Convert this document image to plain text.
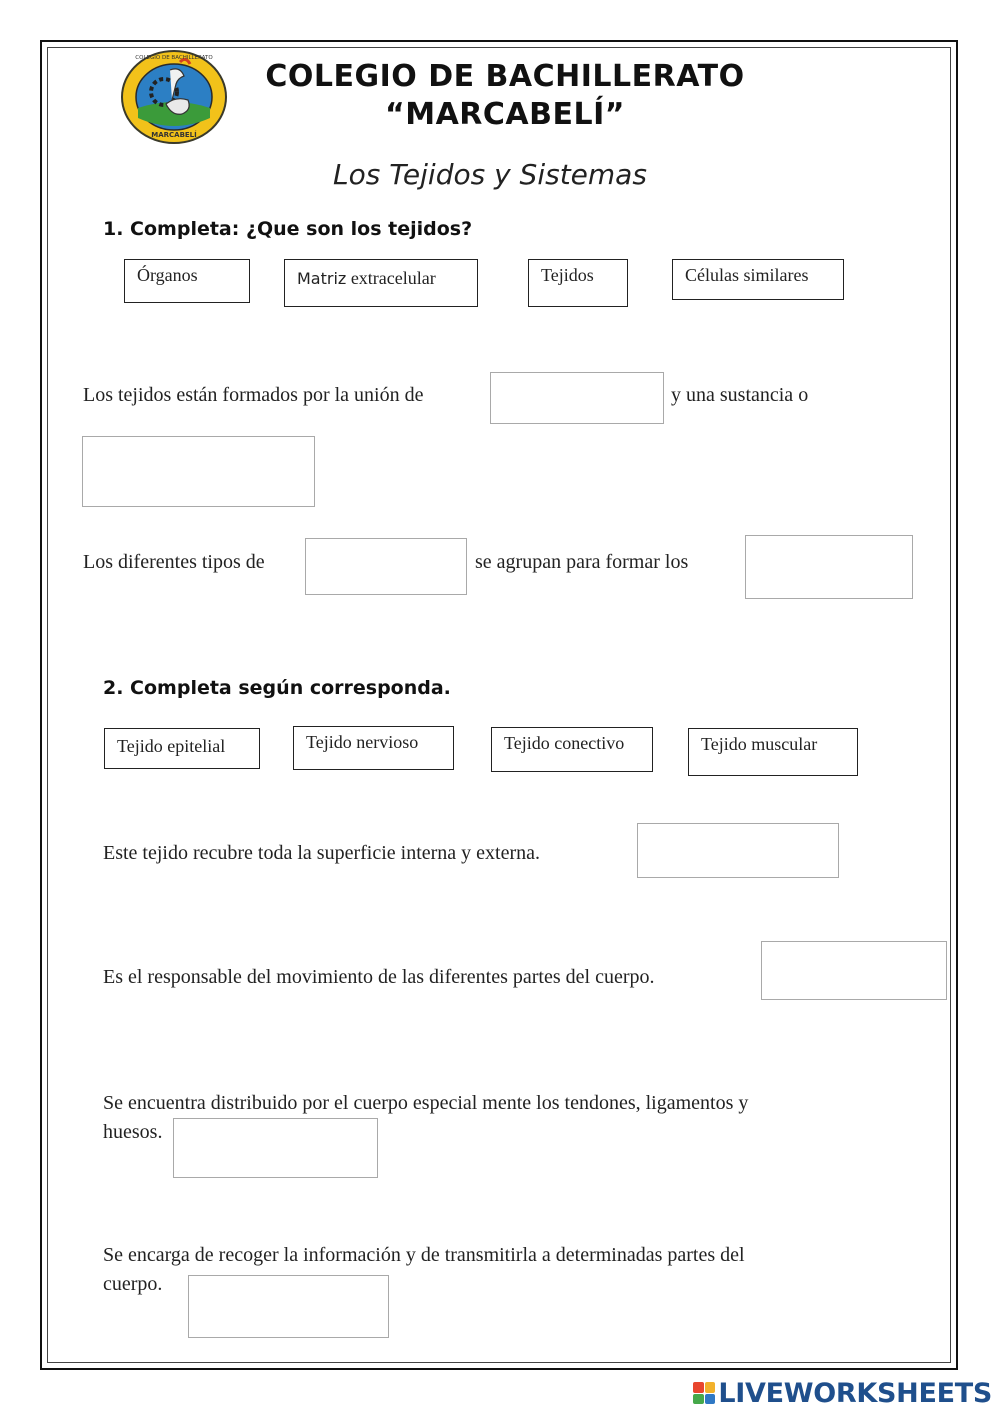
MARCABELÍ
COLEGIO DE BACHILLERATO
COLEGIO DE BACHILLERATO
“MARCABELÍ”
Los Tejidos y Sistemas
1. Completa: ¿Que son los tejidos?
Órganos	Matriz extracelular	Tejidos	Células similares
Los tejidos están formados por la unión de	y una sustancia o
Los diferentes tipos de	se agrupan para formar los
2. Completa según corresponda.
Tejido epitelial	Tejido nervioso	Tejido conectivo	Tejido muscular
Este tejido recubre toda la superficie interna y externa.
Es el responsable del movimiento de las diferentes partes del cuerpo.
Se encuentra distribuido por el cuerpo especial mente los tendones, ligamentos y
huesos.
Se encarga de recoger la información y de transmitirla a determinadas partes del
cuerpo.
LIVEWORKSHEETS
